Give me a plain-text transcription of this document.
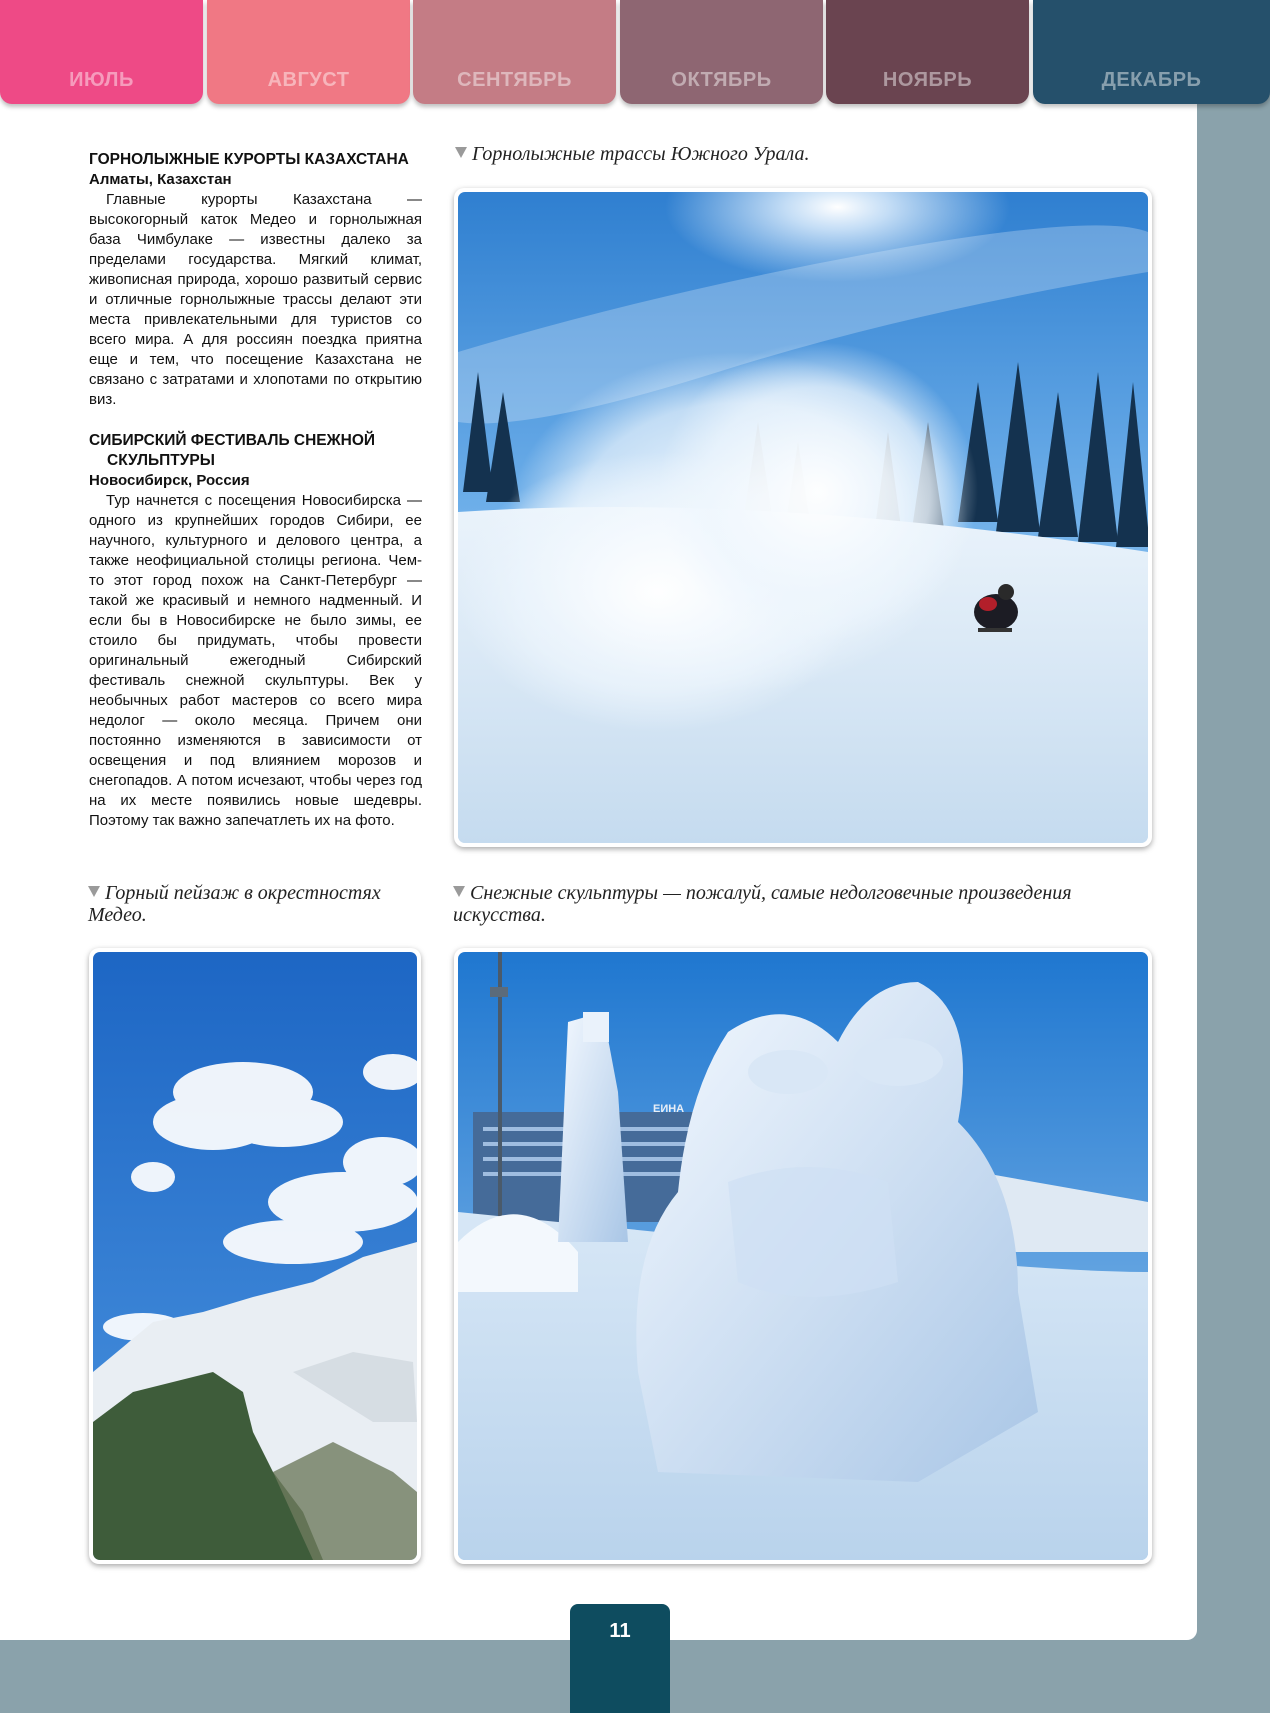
ИЮЛЬ	АВГУСТ	СЕНТЯБРЬ	ОКТЯБРЬ	НОЯБРЬ	ДЕКАБРЬ

ГОРНОЛЫЖНЫЕ КУРОРТЫ КАЗАХСТАНА

Алматы, Казахстан

Главные курорты Казахстана — высокогорный каток Медео и горнолыжная база Чимбулаке — известны далеко за пределами государства. Мягкий климат, живописная природа, хорошо развитый сервис и отличные горнолыжные трассы делают эти места привлекательными для туристов со всего мира. А для россиян поездка приятна еще и тем, что посещение Казахстана не связано с затратами и хлопотами по открытию виз.

СИБИРСКИЙ ФЕСТИВАЛЬ СНЕЖНОЙ
СКУЛЬПТУРЫ

Новосибирск, Россия

Тур начнется с посещения Новосибирска — одного из крупнейших городов Сибири, ее научного, культурного и делового центра, а также неофициальной столицы региона. Чем-то этот город похож на Санкт-Петербург — такой же красивый и немного надменный. И если бы в Новосибирске не было зимы, ее стоило бы придумать, чтобы провести оригинальный ежегодный Сибирский фестиваль снежной скульптуры. Век у необычных работ мастеров со всего мира недолог — около месяца. Причем они постоянно изменяются в зависимости от освещения и под влиянием морозов и снегопадов. А потом исчезают, чтобы через год на их месте появились новые шедевры. Поэтому так важно запечатлеть их на фото.

Горнолыжные трассы Южного Урала.
Горный пейзаж в окрестностях Медео.
Снежные скульптуры — пожалуй, самые недолговечные произведения искусства.
ЕИНА
11
